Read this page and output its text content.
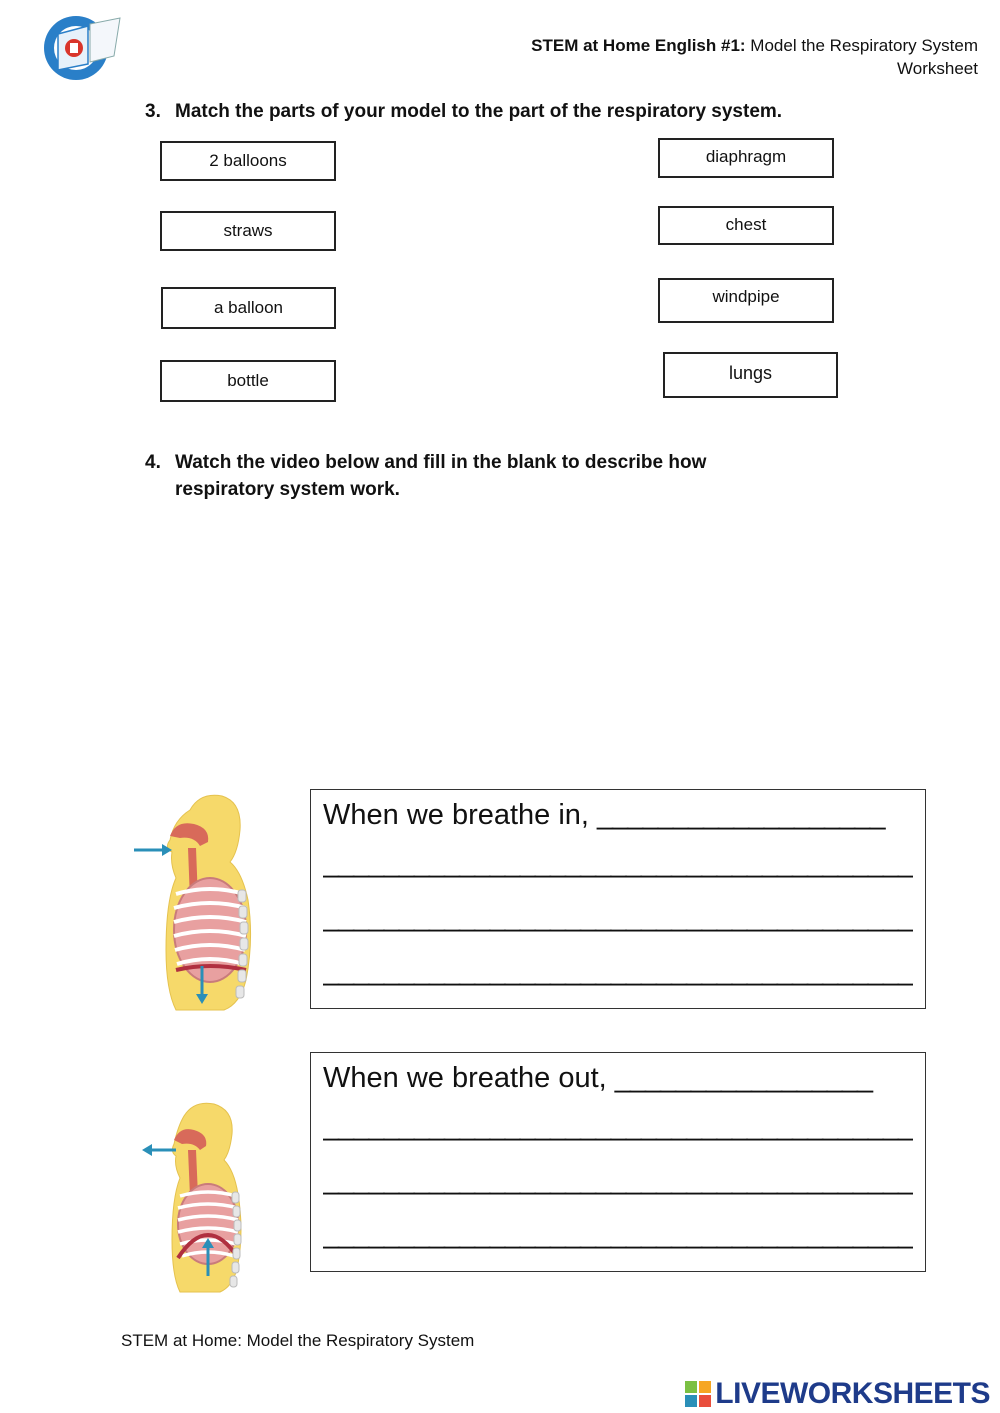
STEM at Home English #1: Model the Respiratory System
Worksheet
3. Match the parts of your model to the part of the respiratory system.
2 balloons
straws
a balloon
bottle
diaphragm
chest
windpipe
lungs
4. Watch the video below and fill in the blank to describe how
respiratory system work.
When we breathe in, ___________________
_______________________________________
_______________________________________
_______________________________________
When we breathe out, _________________
_______________________________________
_______________________________________
_______________________________________
STEM at Home: Model the Respiratory System
LIVEWORKSHEETS
